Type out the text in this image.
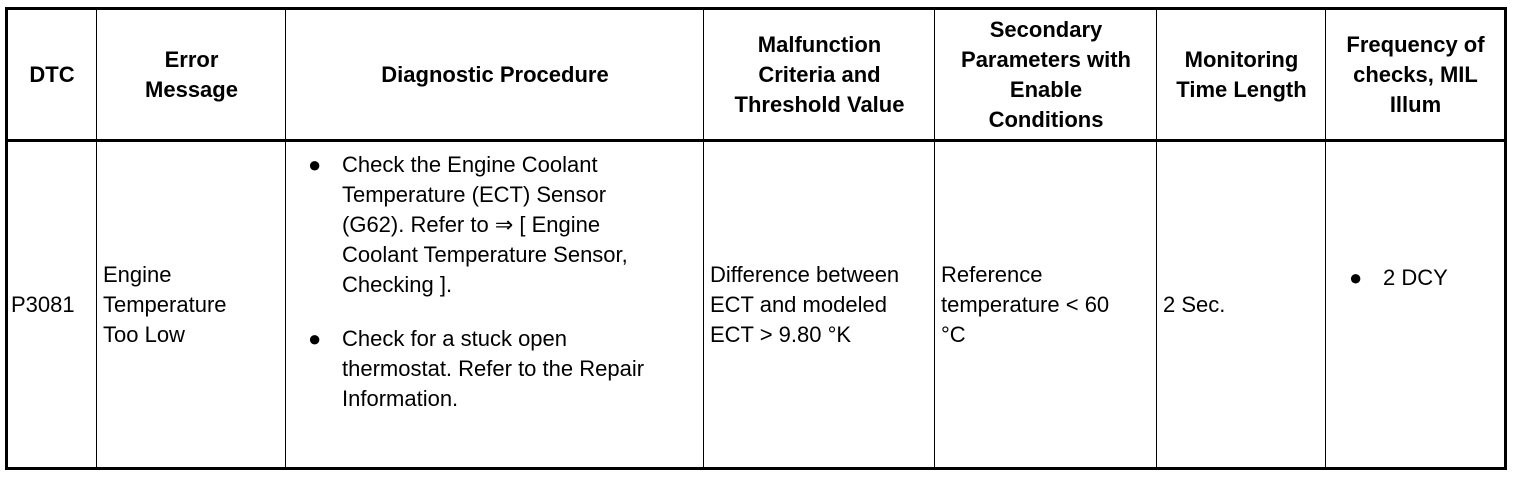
DTC
Error
Message
Diagnostic Procedure
Malfunction
Criteria and
Threshold Value
Secondary
Parameters with
Enable
Conditions
Monitoring
Time Length
Frequency of
checks, MIL
Illum
P3081
Engine
Temperature
Too Low
● Check the Engine Coolant
Temperature (ECT) Sensor
(G62). Refer to ⇒ [ Engine
Coolant Temperature Sensor,
Checking ].
● Check for a stuck open
thermostat. Refer to the Repair
Information.
Difference between
ECT and modeled
ECT > 9.80 °K
Reference
temperature < 60
°C
2 Sec.
● 2 DCY
